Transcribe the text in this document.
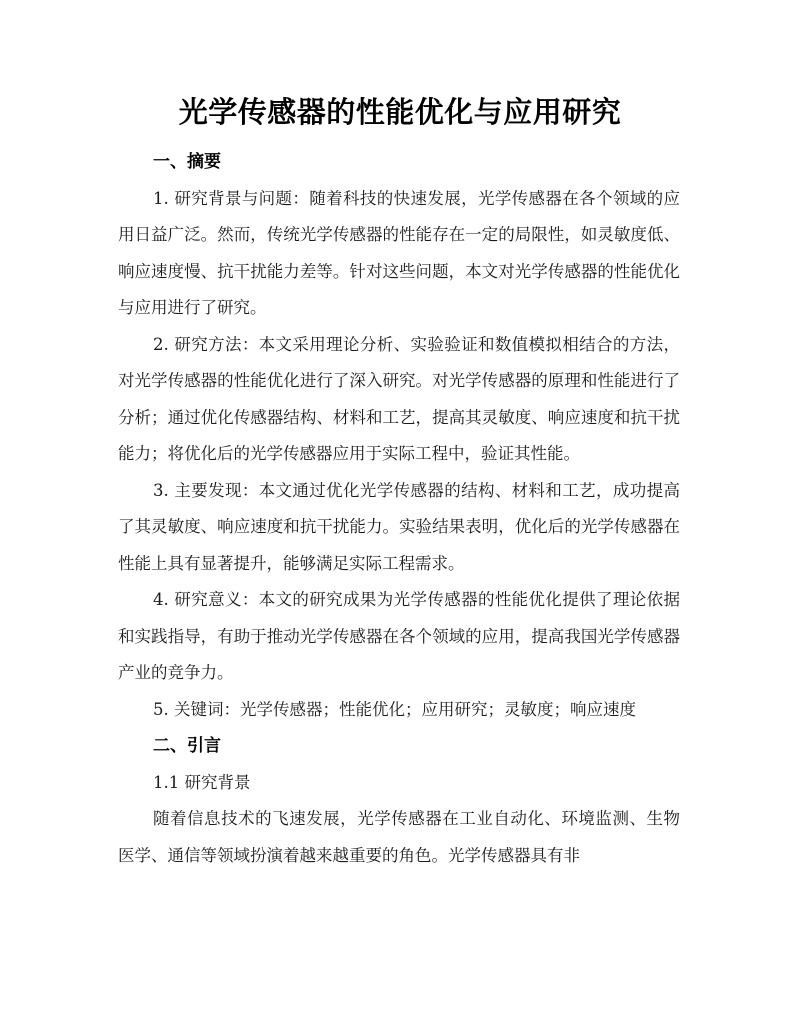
光学传感器的性能优化与应用研究

一、摘要

1. 研究背景与问题：随着科技的快速发展，光学传感器在各个领域的应用日益广泛。然而，传统光学传感器的性能存在一定的局限性，如灵敏度低、响应速度慢、抗干扰能力差等。针对这些问题，本文对光学传感器的性能优化与应用进行了研究。

2. 研究方法：本文采用理论分析、实验验证和数值模拟相结合的方法，对光学传感器的性能优化进行了深入研究。对光学传感器的原理和性能进行了分析；通过优化传感器结构、材料和工艺，提高其灵敏度、响应速度和抗干扰能力；将优化后的光学传感器应用于实际工程中，验证其性能。

3. 主要发现：本文通过优化光学传感器的结构、材料和工艺，成功提高了其灵敏度、响应速度和抗干扰能力。实验结果表明，优化后的光学传感器在性能上具有显著提升，能够满足实际工程需求。

4. 研究意义：本文的研究成果为光学传感器的性能优化提供了理论依据和实践指导，有助于推动光学传感器在各个领域的应用，提高我国光学传感器产业的竞争力。

5. 关键词：光学传感器；性能优化；应用研究；灵敏度；响应速度

二、引言

1.1 研究背景

随着信息技术的飞速发展，光学传感器在工业自动化、环境监测、生物医学、通信等领域扮演着越来越重要的角色。光学传感器具有非
